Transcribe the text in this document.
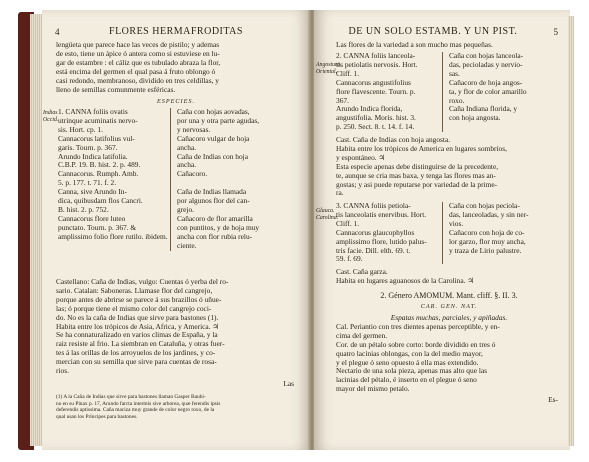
4	FLORES HERMAFRODITAS
lengüeta que parece hace las veces de pistilo; y ademas
de esto, tiene un ápice ó antera como si estuviese en lu-
gar de estambre : el cáliz que es tubulado abraza la flor,
está encima del germen el qual pasa á fruto oblongo ó
casi redondo, membranoso, dividido en tres celdillas, y
lleno de semillas comunmente esféricas.
ESPECIES.
Indias Occid.
1. CANNA foliis ovatis
utrinque acuminatis nervo-
sis. Hort. cp. 1.
Caña con hojas aovadas,
por una y otra parte agudas,
y nervosas.
Cannacorus latifolius vul-
garis. Tourn. p. 367.
Cañacoro vulgar de hoja
ancha.
Arundo Indica latifolia.
C.B.P. 19. B. hist. 2. p. 489.
Caña de Indias con hoja
ancha.
Cannacorus. Rumph. Amb.
5. p. 177. t. 71. f. 2.
Cañacoro.
Canna, sive Arundo In-
dica, quibusdam flos Cancri.
B. hist. 2. p. 752.
Caña de Indias llamada
por algunos flor del can-
grejo.
Cannacorus flore luteo
punctato. Tourn. p. 367. &
amplissimo folio flore rutilo. ibidem.
Cañacoro de flor amarilla
con puntitos, y de hoja muy
ancha con flor rubia relu-
ciente.
Castellano: Caña de Indias, vulgo: Cuentas ó yerba del ro-
sario. Catalan: Saboneras. Llamase flor del cangrejo,
porque antes de abrirse se parece á sus brazillos ó uñue-
las; ó porque tiene el mismo color del cangrejo coci-
do. No es la caña de Indias que sirve para bastones (1).
Habita entre los trópicos de Asia, Africa, y America. ♃
Se ha connaturalizado en varios climas de España, y la
raiz resiste al frio. La siembran en Cataluña, y otras fuer-
tes á las orillas de los arroyuelos de los jardines, y co-
mercian con su semilla que sirve para cuentas de rosa-
rios.
Las
(1) A la Caña de Indias que sirve para bastones llaman Gasper Bauhi-
no en su Pinax p. 17, Arundo farcta intermis sive arborea, quæ ferendis ipsis
deferendis aptissima. Caña maciza muy grande de color negro roxo, de la
qual usan los Príncipes para bastones.
DE UN SOLO ESTAMB. Y UN PIST.	5
Las flores de la variedad a son mucho mas pequeñas.
Angostura. Oriental.
2. CANNA foliis lanceola-
tis petiolatis nervosis. Hort.
Cliff. 1.
Caña con hojas lanceola-
das, pecioladas y nervio-
sas.
Cannacorus angustifolius
flore flavescente. Tourn. p.
367.
Cañacoro de hoja angos-
ta, y flor de color amarillo
roxo.
Arundo Indica florida,
angustifolia. Moris. hist. 3.
p. 250. Sect. 8. t. 14. f. 14.
Caña Indiana florida, y
con hoja angosta.
Cast. Caña de Indias con hoja angosta.
Habita entre los trópicos de America en lugares sombríos,
y espontáneo. ♃
Esta especie apenas debe distinguirse de la precedente,
te, aunque se cria mas baxa, y tenga las flores mas an-
gostas; y asi puede reputarse por variedad de la prime-
ra.
Glauca. Carolina.
3. CANNA foliis petiola-
tis lanceolatis enervibus. Hort.
Cliff. 1.
Caña con hojas peciola-
das, lanceoladas, y sin ner-
vios.
Cannacorus glaucophyllos
amplissimo flore, lutido palus-
tris facie. Dill. elth. 69. t.
59. f. 69.
Cañacoro con hoja de co-
lor garzo, flor muy ancha,
y traza de Lirio palustre.
Cast. Caña garza.
Habita en lugares aguanosos de la Carolina. ♃
2. Género AMOMUM. Mant. cliff. §. II. 3.
CAR. GEN. NAT.
Espatas muchas, parciales, y apiñadas.
Cal. Periantio con tres dientes apenas perceptible, y en-
cima del germen.
Cor. de un pétalo sobre corto: borde dividido en tres ó
quatro lacinias oblongas, con la del medio mayor,
y el plegue ó seno opuesto á ella mas extendido.
Nectario de una sola pieza, apenas mas alto que las
lacinias del pétalo, é inserto en el plegue ó seno
mayor del mismo petalo.
Es-
